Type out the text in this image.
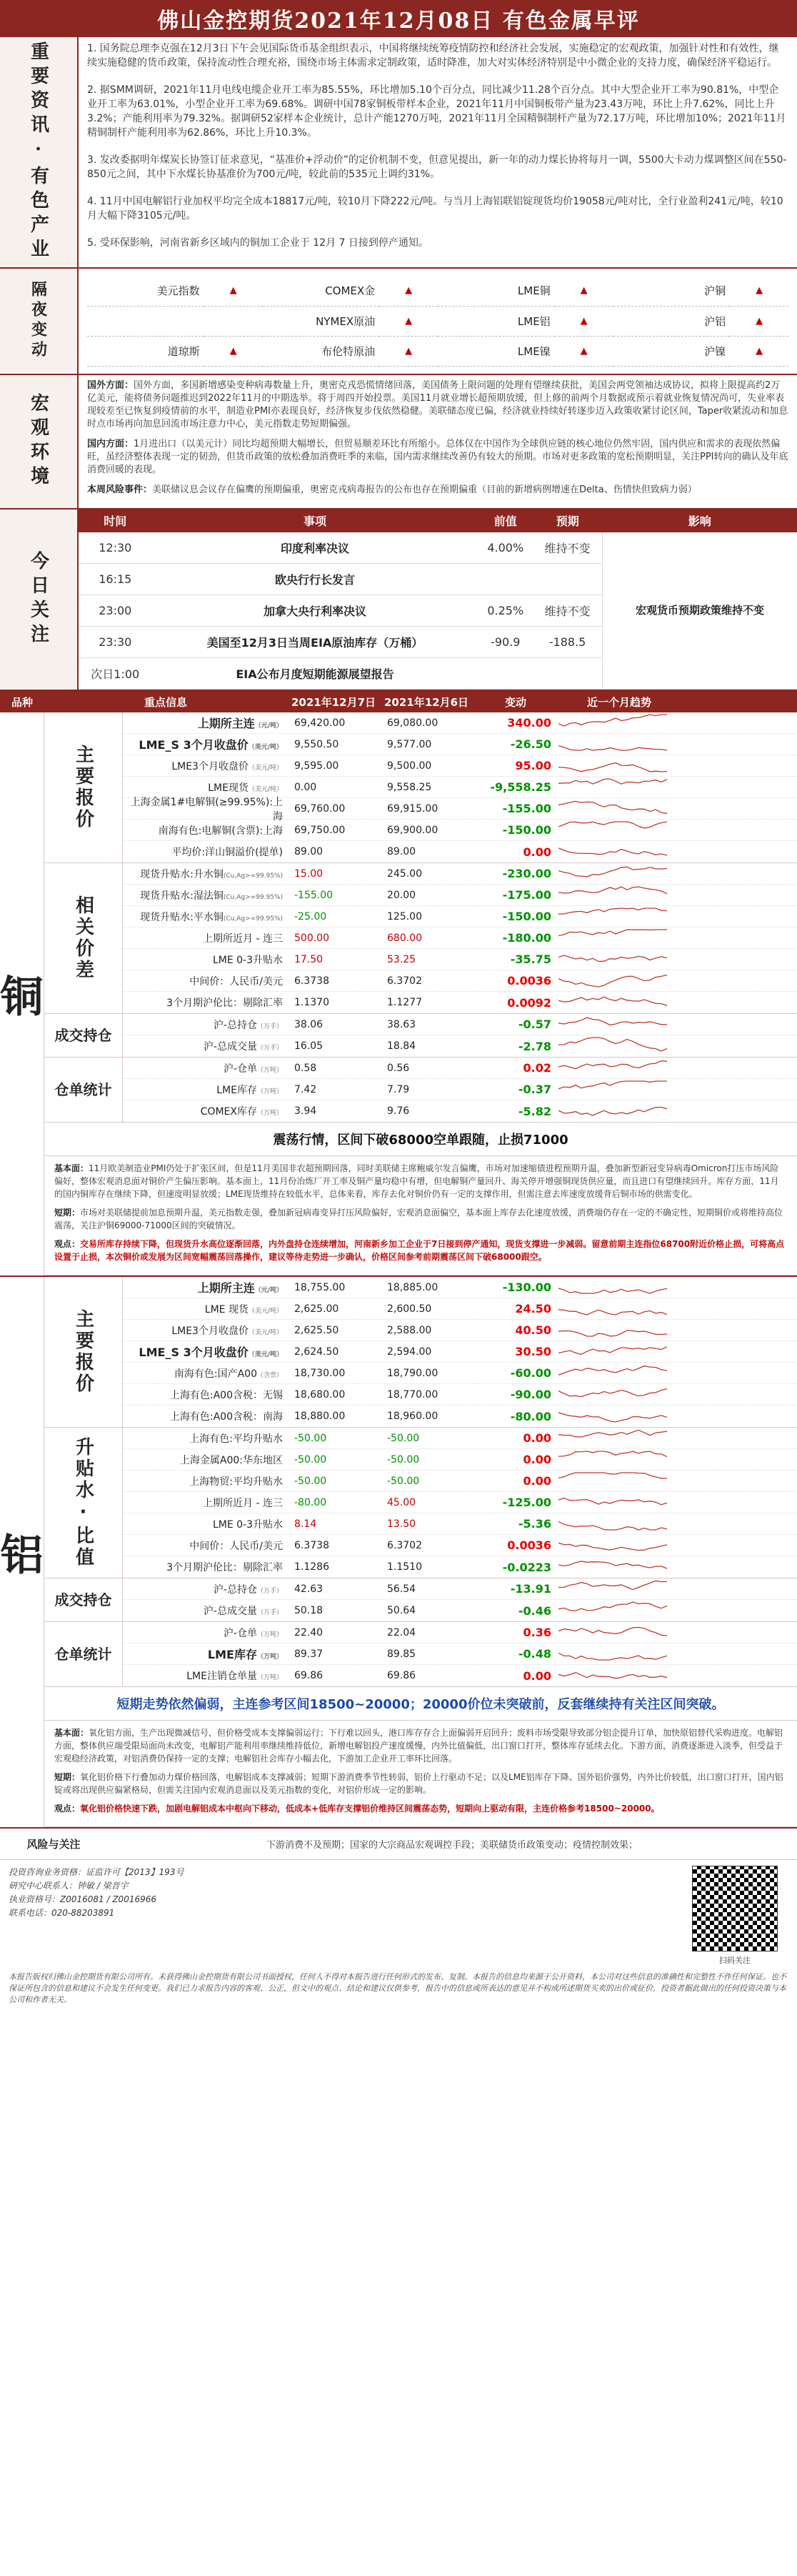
佛山金控期货2021年12月08日 有色金属早评
重要资讯·有色产业	1. 国务院总理李克强在12月3日下午会见国际货币基金组织表示，中国将继续统筹疫情防控和经济社会发展，实施稳定的宏观政策，加强针对性和有效性，继续实施稳健的货币政策，保持流动性合理充裕，围绕市场主体需求定制政策，适时降准，加大对实体经济特别是中小微企业的支持力度，确保经济平稳运行。

2. 据SMM调研，2021年11月电线电缆企业开工率为85.55%，环比增加5.10个百分点，同比减少11.28个百分点。其中大型企业开工率为90.81%，中型企业开工率为63.01%，小型企业开工率为69.68%。调研中国78家铜板带样本企业，2021年11月中国铜板带产量为23.43万吨，环比上升7.62%，同比上升3.2%；产能利用率为79.32%。据调研52家样本企业统计，总计产能1270万吨，2021年11月全国精铜制杆产量为72.17万吨，环比增加10%；2021年11月精铜制杆产能利用率为62.86%，环比上升10.3%。

3. 发改委据明年煤炭长协签订征求意见，“基准价+浮动价”的定价机制不变，但意见提出，新一年的动力煤长协将每月一调，5500大卡动力煤调整区间在550-850元之间，其中下水煤长协基准价为700元/吨，较此前的535元上调约31%。

4. 11月中国电解铝行业加权平均完全成本18817元/吨，较10月下降222元/吨。与当月上海铝联铝锭现货均价19058元/吨对比，全行业盈利241元/吨，较10月大幅下降3105元/吨。

5. 受环保影响，河南省新乡区域内的铜加工企业于 12月 7 日接到停产通知。

隔夜变动	美元指数	▲	COMEX金	▲	LME铜	▲	沪铜	▲
		NYMEX原油	▲	LME铝	▲	沪铝	▲
道琼斯	▲	布伦特原油	▲	LME镍	▲	沪镍	▲
宏观环境

国外方面：国外方面，多国新增感染变种病毒数量上升，奥密克戎恐慌情绪回落，美国债务上限问题的处理有望继续获批，美国会两党领袖达成协议，拟将上限提高约2万亿美元，能将债务问题推迟到2022年11月的中期选举。将于周四开始投票。美国11月就业增长超预期放缓，但上修的前两个月数据或预示着就业恢复情况尚可，失业率表现较差至已恢复到疫情前的水平，制造业PMI亦表现良好，经济恢复步伐依然稳健。美联储态度已偏，经济就业持续好转逐步迈入政策收紧讨论区间，Taper收紧流动和加息时点市场再向加息回流市场注意力中心，美元指数走势短期偏强。

国内方面：1月进出口（以美元计）同比均超预期大幅增长，但贸易顺差环比有所缩小。总体仅在中国作为全球供应链的核心地位仍然牢固，国内供应和需求的表现依然偏旺，虽经济整体表现一定的韧劲，但货币政策的放松叠加消费旺季的来临，国内需求继续改善仍有较大的预期。市场对更多政策的宽松预期明显，关注PPI转向的确认及年底消费回暖的表现。

本周风险事件：美联储议息会议存在偏鹰的预期偏重，奥密克戎病毒报告的公布也存在预期偏重（目前的新增病例增速在Delta、伤情快但致病力弱）

今日关注
时间	事项	前值	预期	影响
12:30	印度利率决议	4.00%	维持不变	宏观货币预期政策维持不变
16:15	欧央行行长发言			
23:00	加拿大央行利率决议	0.25%	维持不变	
23:30	美国至12月3日当周EIA原油库存（万桶）	-90.9	-188.5	
次日1:00	EIA公布月度短期能源展望报告			
品种	重点信息	2021年12月7日 2021年12月6日	变动	近一个月趋势
铜
主要报价
上期所主连（元/吨）	69,420.00	69,080.00	340.00
LME_S 3个月收盘价（美元/吨）	9,550.50	9,577.00	-26.50
LME3个月收盘价（美元/吨）	9,595.00	9,500.00	95.00
LME现货（美元/吨）	0.00	9,558.25	-9,558.25
上海金属1#电解铜(≥99.95%):上海
69,760.00	69,915.00	-155.00
南海有色:电解铜(含票):上海	69,750.00	69,900.00	-150.00
平均价:洋山铜溢价(提单)	89.00	89.00	0.00
相关价差
现货升贴水:升水铜(Cu,Ag>=99.95%)	15.00	245.00	-230.00
现货升贴水:湿法铜(Cu,Ag>=99.95%)	-155.00	20.00	-175.00
现货升贴水:平水铜(Cu,Ag>=99.95%)	-25.00	125.00	-150.00
上期所近月 - 连三	500.00	680.00	-180.00
LME 0-3升贴水	17.50	53.25	-35.75
中间价：人民币/美元	6.3738	6.3702	0.0036
3个月期沪伦比：剔除汇率	1.1370	1.1277	0.0092
成交持仓
沪-总持仓（万手）	38.06	38.63	-0.57
沪-总成交量（万手）	16.05	18.84	-2.78
仓单统计
沪-仓单（万吨）	0.58	0.56	0.02
LME库存（万吨）	7.42	7.79	-0.37
COMEX库存（万吨）	3.94	9.76	-5.82
震荡行情，区间下破68000空单跟随，止损71000

基本面：11月欧美制造业PMI仍处于扩张区间，但是11月美国非农超预期回落，同时美联储主席鲍威尔发言偏鹰，市场对加速缩债进程预期升温，叠加新型新冠变异病毒Omicron打压市场风险偏好，整体宏观消息面对铜价产生偏压影响。基本面上，11月份冶炼厂开工率及铜产量均稳中有增，但电解铜产量回升、海关停开增强铜现货供应量，而且进口有望继续回升。库存方面，11月的国内铜库存在继续下降，但速度明显放缓；LME现货维持在较低水平，总体来看，库存去化对铜价仍有一定的支撑作用，但需注意去库速度放缓背后铜市场的供需变化。

短期：市场对美联储提前加息预期升温，美元指数走强，叠加新冠病毒变异打压风险偏好，宏观消息面偏空，基本面上库存去化速度放缓，消费端仍存在一定的不确定性，短期铜价或将维持高位震荡，关注沪铜69000-71000区间的突破情况。

观点：交易所库存持续下降，但现货升水高位逐渐回落，内外盘持仓连续增加，河南新乡加工企业于7日接到停产通知，现货支撑进一步减弱。留意前期主连指位68700附近价格止损，可将高点设置于止损，本次铜价或发展为区间宽幅震荡回落操作，建议等待走势进一步确认，价格区间参考前期震荡区间下破68000跟空。

铝
主要报价
上期所主连（元/吨）	18,755.00	18,885.00	-130.00
LME 现货（美元/吨）	2,625.00	2,600.50	24.50
LME3个月收盘价（美元/吨）	2,625.50	2,588.00	40.50
LME_S 3个月收盘价（美元/吨）	2,624.50	2,594.00	30.50
南海有色:国产A00（含票）	18,730.00	18,790.00	-60.00
上海有色:A00含税：无锡	18,680.00	18,770.00	-90.00
上海有色:A00含税：南海	18,880.00	18,960.00	-80.00
升贴水·比值	上海有色:平均升贴水	-50.00	-50.00	0.00
上海金属A00:华东地区	-50.00	-50.00	0.00
上海物贸:平均升贴水	-50.00	-50.00	0.00
上期所近月 - 连三	-80.00	45.00	-125.00
LME 0-3升贴水	8.14	13.50	-5.36
中间价：人民币/美元	6.3738	6.3702	0.0036
3个月期沪伦比：剔除汇率	1.1286	1.1510	-0.0223
成交持仓
沪-总持仓（万手）	42.63	56.54	-13.91
沪-总成交量（万手）	50.18	50.64	-0.46
仓单统计
沪-仓单（万吨）	22.40	22.04	0.36
LME库存（万吨）	89.37	89.85	-0.48
LME注销仓单量（万吨）	69.86	69.86	0.00
短期走势依然偏弱，主连参考区间18500~20000；20000价位未突破前，反套继续持有关注区间突破。

基本面：氧化铝方面，生产出现微减信号，但价格受成本支撑偏弱运行；下行难以回头，港口库存存合上面偏弱开启回升；废料市场受限导致部分铝企提升订单，加快原铝替代采购进度。电解铝方面，整体供应端受限局面尚未改变，电解铝产能利用率继续维持低位，新增电解铝投产速度缓慢，内外比值偏低，出口窗口打开，整体库存延续去化。下游方面，消费逐渐进入淡季，但受益于宏观稳经济政策，对铝消费仍保持一定的支撑；电解铝社会库存小幅去化，下游加工企业开工率环比回落。

短期：氧化铝价格下行叠加动力煤价格回落，电解铝成本支撑减弱；短期下游消费季节性转弱，铝价上行驱动不足；以及LME铝库存下降、国外铝价强势，内外比价较低，出口窗口打开，国内铝锭或将出现供应偏紧格局，但需关注国内宏观消息面以及美元指数的变化，对铝价形成一定的影响。

观点：氧化铝价格快速下跌，加剧电解铝成本中枢向下移动，低成本+低库存支撑铝价维持区间震荡态势，短期向上驱动有限，主连价格参考18500~20000。

风险与关注	下游消费不及预期；国家的大宗商品宏观调控手段；美联储货币政策变动；疫情控制效果；
投资咨询业务资格：证监许可【2013】193号
研究中心联系人：钟敏 / 梁晋宇
执业资格号：Z0016081 / Z0016966
联系电话：020-88203891
扫码关注
本报告版权归佛山金控期货有限公司所有。未获得佛山金控期货有限公司书面授权，任何人不得对本报告进行任何形式的发布、复制。本报告的信息均来源于公开资料，本公司对这些信息的准确性和完整性不作任何保证。也不保证所包含的信息和建议不会发生任何变更。我们已力求报告内容的客观、公正，但文中的观点、结论和建议仅供参考，报告中的信息或所表达的意见并不构成所述期货买卖的出价或征价，投资者据此做出的任何投资决策与本公司和作者无关。
